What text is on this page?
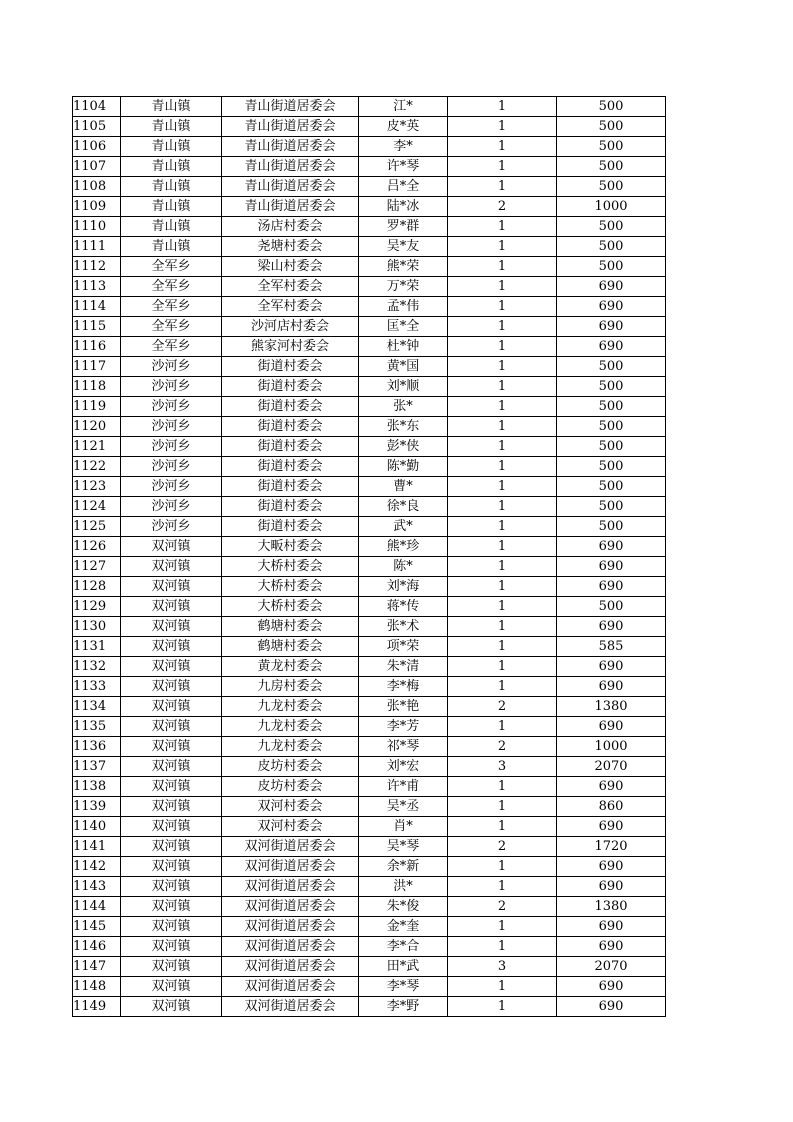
1104	青山镇	青山街道居委会	江*	1	500
1105	青山镇	青山街道居委会	皮*英	1	500
1106	青山镇	青山街道居委会	李*	1	500
1107	青山镇	青山街道居委会	许*琴	1	500
1108	青山镇	青山街道居委会	吕*全	1	500
1109	青山镇	青山街道居委会	陆*冰	2	1000
1110	青山镇	汤店村委会	罗*群	1	500
1111	青山镇	尧塘村委会	吴*友	1	500
1112	全军乡	梁山村委会	熊*荣	1	500
1113	全军乡	全军村委会	万*荣	1	690
1114	全军乡	全军村委会	孟*伟	1	690
1115	全军乡	沙河店村委会	匡*全	1	690
1116	全军乡	熊家河村委会	杜*钟	1	690
1117	沙河乡	街道村委会	黄*国	1	500
1118	沙河乡	街道村委会	刘*顺	1	500
1119	沙河乡	街道村委会	张*	1	500
1120	沙河乡	街道村委会	张*东	1	500
1121	沙河乡	街道村委会	彭*侠	1	500
1122	沙河乡	街道村委会	陈*勤	1	500
1123	沙河乡	街道村委会	曹*	1	500
1124	沙河乡	街道村委会	徐*良	1	500
1125	沙河乡	街道村委会	武*	1	500
1126	双河镇	大畈村委会	熊*珍	1	690
1127	双河镇	大桥村委会	陈*	1	690
1128	双河镇	大桥村委会	刘*海	1	690
1129	双河镇	大桥村委会	蒋*传	1	500
1130	双河镇	鹤塘村委会	张*术	1	690
1131	双河镇	鹤塘村委会	项*荣	1	585
1132	双河镇	黄龙村委会	朱*清	1	690
1133	双河镇	九房村委会	李*梅	1	690
1134	双河镇	九龙村委会	张*艳	2	1380
1135	双河镇	九龙村委会	李*芳	1	690
1136	双河镇	九龙村委会	祁*琴	2	1000
1137	双河镇	皮坊村委会	刘*宏	3	2070
1138	双河镇	皮坊村委会	许*甫	1	690
1139	双河镇	双河村委会	吴*丞	1	860
1140	双河镇	双河村委会	肖*	1	690
1141	双河镇	双河街道居委会	吴*琴	2	1720
1142	双河镇	双河街道居委会	余*新	1	690
1143	双河镇	双河街道居委会	洪*	1	690
1144	双河镇	双河街道居委会	朱*俊	2	1380
1145	双河镇	双河街道居委会	金*奎	1	690
1146	双河镇	双河街道居委会	李*合	1	690
1147	双河镇	双河街道居委会	田*武	3	2070
1148	双河镇	双河街道居委会	李*琴	1	690
1149	双河镇	双河街道居委会	李*野	1	690
